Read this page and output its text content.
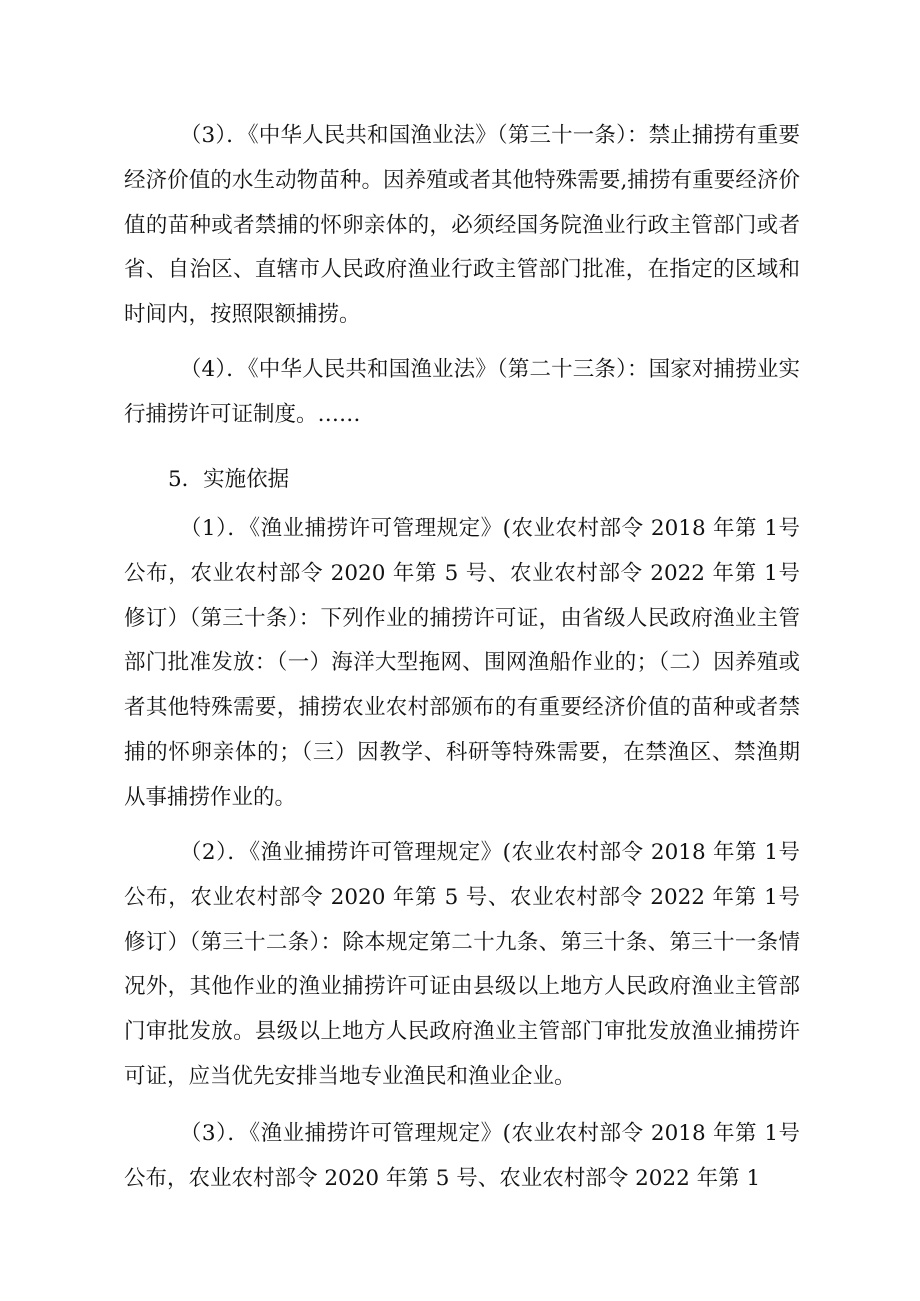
（3）．《中华人民共和国渔业法》（第三十一条）：禁止捕捞有重要经济价值的水生动物苗种。因养殖或者其他特殊需要,捕捞有重要经济价值的苗种或者禁捕的怀卵亲体的，必须经国务院渔业行政主管部门或者省、自治区、直辖市人民政府渔业行政主管部门批准，在指定的区域和时间内，按照限额捕捞。

（4）．《中华人民共和国渔业法》（第二十三条）：国家对捕捞业实行捕捞许可证制度。……

5．实施依据

（1）．《渔业捕捞许可管理规定》(农业农村部令 2018 年第 1号公布，农业农村部令 2020 年第 5 号、农业农村部令 2022 年第 1号修订）（第三十条）：下列作业的捕捞许可证，由省级人民政府渔业主管部门批准发放：（一）海洋大型拖网、围网渔船作业的；（二）因养殖或者其他特殊需要，捕捞农业农村部颁布的有重要经济价值的苗种或者禁捕的怀卵亲体的；（三）因教学、科研等特殊需要，在禁渔区、禁渔期从事捕捞作业的。

（2）．《渔业捕捞许可管理规定》(农业农村部令 2018 年第 1号公布，农业农村部令 2020 年第 5 号、农业农村部令 2022 年第 1号修订）（第三十二条）：除本规定第二十九条、第三十条、第三十一条情况外，其他作业的渔业捕捞许可证由县级以上地方人民政府渔业主管部门审批发放。县级以上地方人民政府渔业主管部门审批发放渔业捕捞许可证，应当优先安排当地专业渔民和渔业企业。

（3）．《渔业捕捞许可管理规定》(农业农村部令 2018 年第 1号公布，农业农村部令 2020 年第 5 号、农业农村部令 2022 年第 1
